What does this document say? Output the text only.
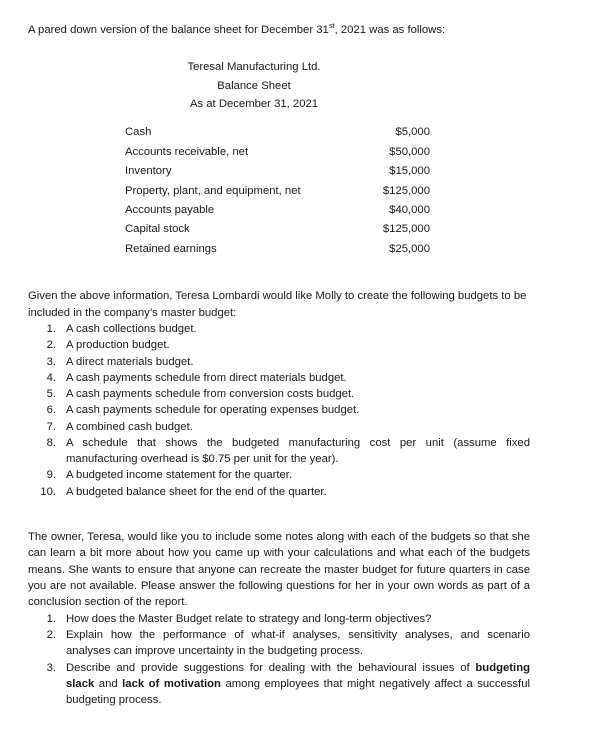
A pared down version of the balance sheet for December 31st, 2021 was as follows:

Teresal Manufacturing Ltd.

Balance Sheet

As at December 31, 2021

Cash	$5,000
Accounts receivable, net	$50,000
Inventory	$15,000
Property, plant, and equipment, net	$125,000
Accounts payable	$40,000
Capital stock	$125,000
Retained earnings	$25,000

Given the above information, Teresa Lombardi would like Molly to create the following budgets to be included in the company’s master budget:

1. A cash collections budget.
2. A production budget.
3. A direct materials budget.
4. A cash payments schedule from direct materials budget.
5. A cash payments schedule from conversion costs budget.
6. A cash payments schedule for operating expenses budget.
7. A combined cash budget.
8. A schedule that shows the budgeted manufacturing cost per unit (assume fixed manufacturing overhead is $0.75 per unit for the year).
9. A budgeted income statement for the quarter.
10. A budgeted balance sheet for the end of the quarter.

The owner, Teresa, would like you to include some notes along with each of the budgets so that she can learn a bit more about how you came up with your calculations and what each of the budgets means. She wants to ensure that anyone can recreate the master budget for future quarters in case you are not available. Please answer the following questions for her in your own words as part of a conclusion section of the report.

1. How does the Master Budget relate to strategy and long-term objectives?
2. Explain how the performance of what-if analyses, sensitivity analyses, and scenario analyses can improve uncertainty in the budgeting process.
3. Describe and provide suggestions for dealing with the behavioural issues of budgeting slack and lack of motivation among employees that might negatively affect a successful budgeting process.
